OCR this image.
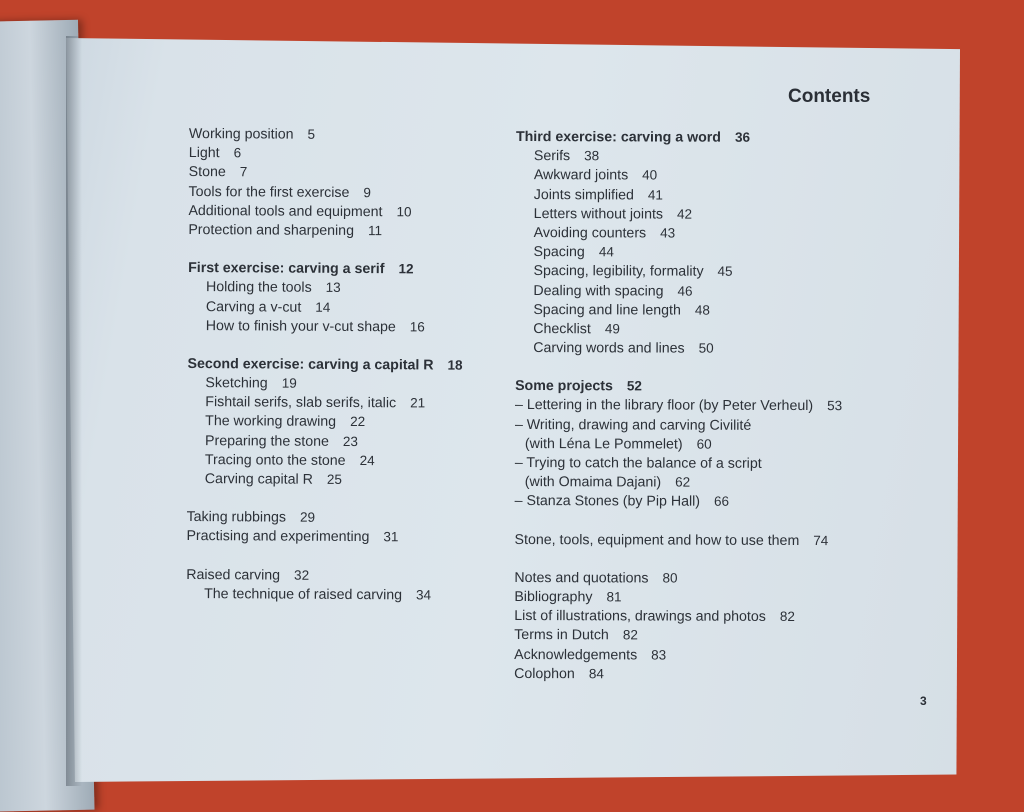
Contents
Working position 5
Light 6
Stone 7
Tools for the first exercise 9
Additional tools and equipment 10
Protection and sharpening 11
First exercise: carving a serif 12
Holding the tools 13
Carving a v-cut 14
How to finish your v-cut shape 16
Second exercise: carving a capital R 18
Sketching 19
Fishtail serifs, slab serifs, italic 21
The working drawing 22
Preparing the stone 23
Tracing onto the stone 24
Carving capital R 25
Taking rubbings 29
Practising and experimenting 31
Raised carving 32
The technique of raised carving 34
Third exercise: carving a word 36
Serifs 38
Awkward joints 40
Joints simplified 41
Letters without joints 42
Avoiding counters 43
Spacing 44
Spacing, legibility, formality 45
Dealing with spacing 46
Spacing and line length 48
Checklist 49
Carving words and lines 50
Some projects 52
– Lettering in the library floor (by Peter Verheul) 53
– Writing, drawing and carving Civilité
(with Léna Le Pommelet) 60
– Trying to catch the balance of a script
(with Omaima Dajani) 62
– Stanza Stones (by Pip Hall) 66
Stone, tools, equipment and how to use them 74
Notes and quotations 80
Bibliography 81
List of illustrations, drawings and photos 82
Terms in Dutch 82
Acknowledgements 83
Colophon 84
3
